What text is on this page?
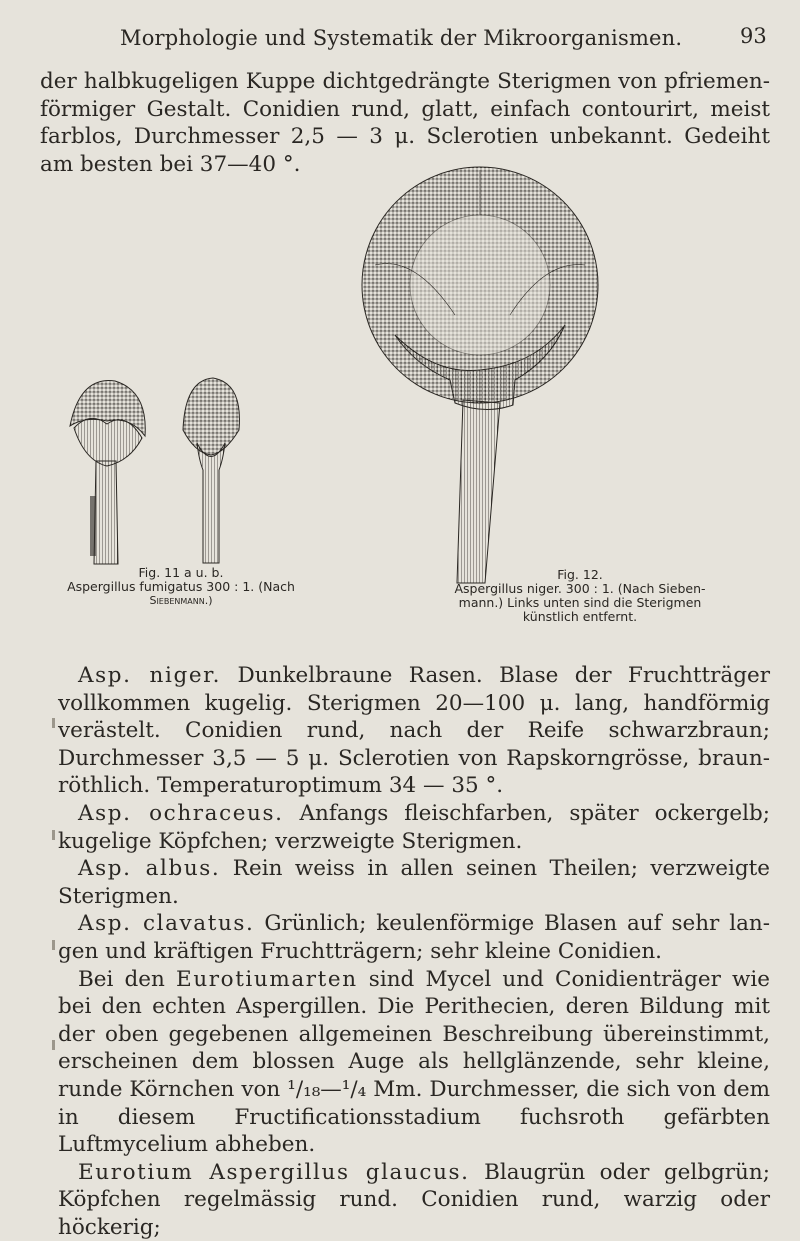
Morphologie und Systematik der Mikroorganismen.	93

der halbkugeligen Kuppe dichtgedrängte Sterigmen von pfriemenförmiger Gestalt. Conidien rund, glatt, einfach contourirt, meist farblos, Durchmesser 2,5 — 3 μ. Sclerotien unbekannt. Gedeiht am besten bei 37—40 °.

Fig. 11 a u. b.
Aspergillus fumigatus 300 : 1. (Nach
Siebenmann.)
Fig. 12.
Aspergillus niger. 300 : 1. (Nach Sieben-
mann.) Links unten sind die Sterigmen
künstlich entfernt.

Asp. niger. Dunkelbraune Rasen. Blase der Fruchtträger vollkommen kugelig. Sterigmen 20—100 μ. lang, handförmig verästelt. Conidien rund, nach der Reife schwarzbraun; Durchmesser 3,5 — 5 μ. Sclerotien von Rapskorngrösse, braun-röthlich. Temperaturoptimum 34 — 35 °.

Asp. ochraceus. Anfangs fleischfarben, später ockergelb; kugelige Köpfchen; verzweigte Sterigmen.

Asp. albus. Rein weiss in allen seinen Theilen; verzweigte Sterigmen.

Asp. clavatus. Grünlich; keulenförmige Blasen auf sehr langen und kräftigen Fruchtträgern; sehr kleine Conidien.

Bei den Eurotiumarten sind Mycel und Conidienträger wie bei den echten Aspergillen. Die Perithecien, deren Bildung mit der oben gegebenen allgemeinen Beschreibung übereinstimmt, erscheinen dem blossen Auge als hellglänzende, sehr kleine, runde Körnchen von ¹/₁₈—¹/₄ Mm. Durchmesser, die sich von dem in diesem Fructificationsstadium fuchsroth gefärbten Luftmycelium abheben.

Eurotium Aspergillus glaucus. Blaugrün oder gelbgrün; Köpfchen regelmässig rund. Conidien rund, warzig oder höckerig;
